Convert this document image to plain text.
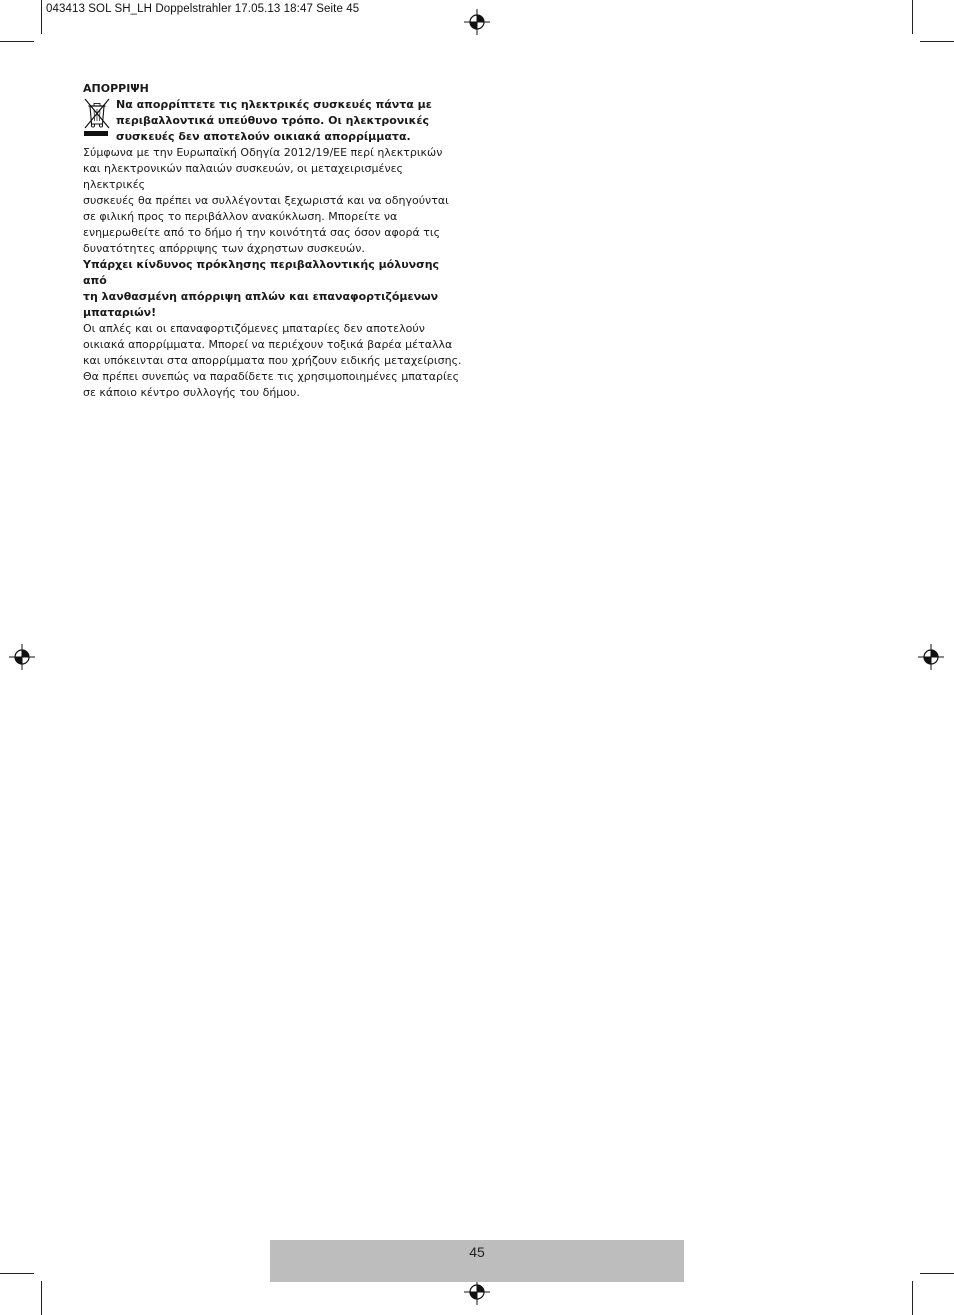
043413 SOL SH_LH Doppelstrahler 17.05.13 18:47 Seite 45

ΑΠΟΡΡΙΨΗ

Να απορρίπτετε τις ηλεκτρικές συσκευές πάντα με

περιβαλλοντικά υπεύθυνο τρόπο. Οι ηλεκτρονικές

συσκευές δεν αποτελούν οικιακά απορρίμματα.

Σύμφωνα με την Ευρωπαϊκή Οδηγία 2012/19/ΕΕ περί ηλεκτρικών

και ηλεκτρονικών παλαιών συσκευών, οι μεταχειρισμένες ηλεκτρικές

συσκευές θα πρέπει να συλλέγονται ξεχωριστά και να οδηγούνται

σε φιλική προς το περιβάλλον ανακύκλωση. Μπορείτε να

ενημερωθείτε από το δήμο ή την κοινότητά σας όσον αφορά τις

δυνατότητες απόρριψης των άχρηστων συσκευών.

Υπάρχει κίνδυνος πρόκλησης περιβαλλοντικής μόλυνσης από

τη λανθασμένη απόρριψη απλών και επαναφορτιζόμενων

μπαταριών!

Οι απλές και οι επαναφορτιζόμενες μπαταρίες δεν αποτελούν

οικιακά απορρίμματα. Μπορεί να περιέχουν τοξικά βαρέα μέταλλα

και υπόκεινται στα απορρίμματα που χρήζουν ειδικής μεταχείρισης.

Θα πρέπει συνεπώς να παραδίδετε τις χρησιμοποιημένες μπαταρίες

σε κάποιο κέντρο συλλογής του δήμου.

45
